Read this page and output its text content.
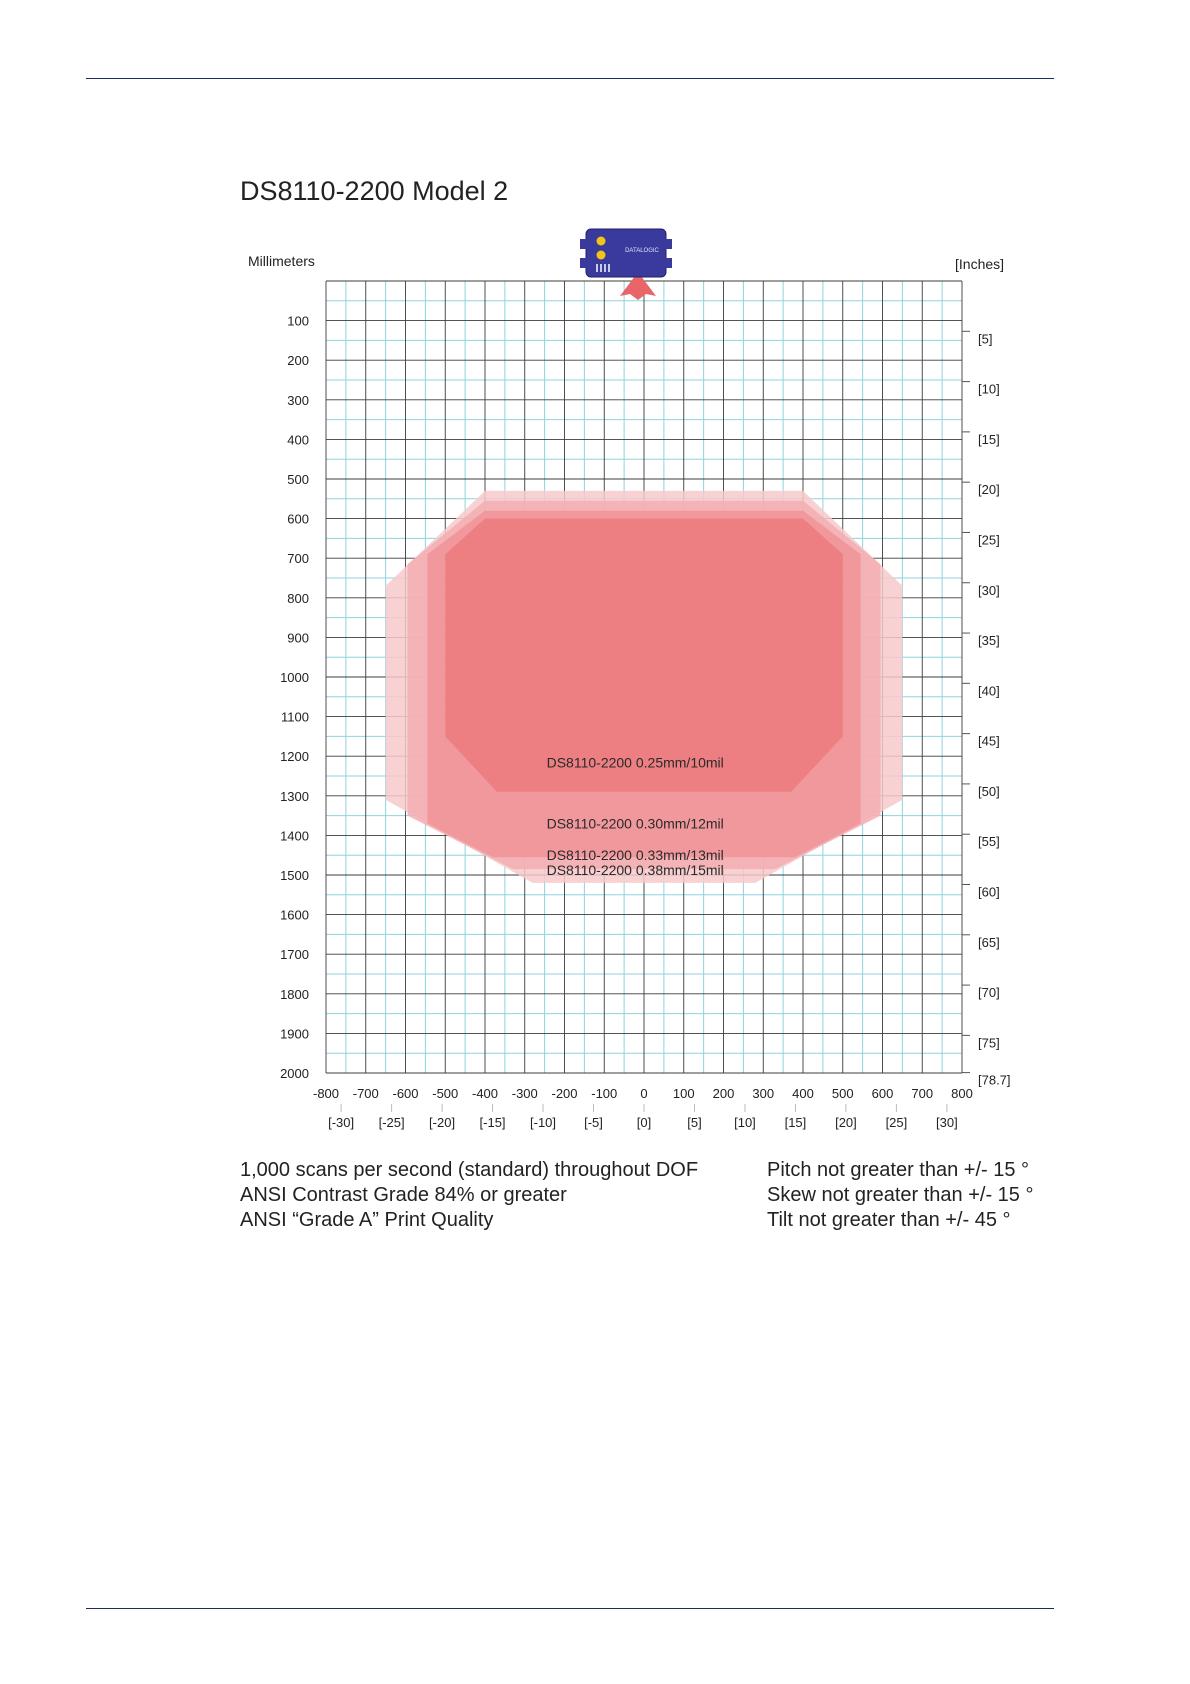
DS8110-2200 Model 2
DS8110-2200 0.38mm/15mil
DS8110-2200 0.33mm/13mil
DS8110-2200 0.30mm/12mil
DS8110-2200 0.25mm/10mil
100
200
300
400
500
600
700
800
900
1000
1100
1200
1300
1400
1500
1600
1700
1800
1900
2000
-800 -700 -600 -500 -400 -300 -200 -100 0 100 200 300 400 500 600 700 800
[-30] [-25] [-20] [-15] [-10] [-5]	[0]	[5] [10] [15] [20] [25] [30]
[5]
[10]
[15]
[20]
[25]
[30]
[35]
[40]
[45]
[50]
[55]
[60]
[65]
[70]
[75]
[78.7]
DATALOGIC
Millimeters	[Inches]
1,000 scans per second (standard) throughout DOF
ANSI Contrast Grade 84% or greater
ANSI “Grade A” Print Quality
Pitch not greater than +/- 15 °
Skew not greater than +/- 15 °
Tilt not greater than +/- 45 °
